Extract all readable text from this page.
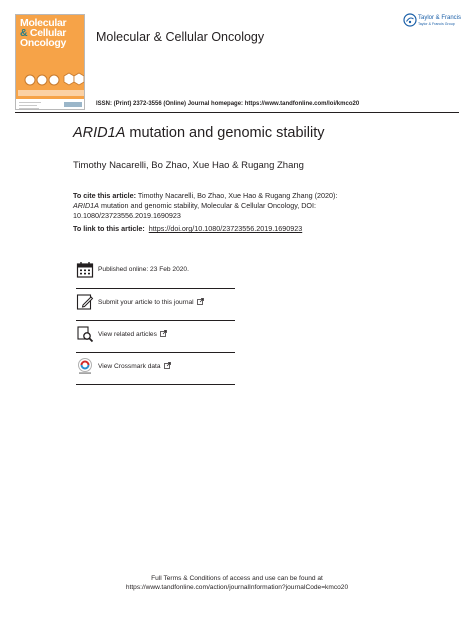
Molecular
& Cellular
Oncology	Molecular & Cellular Oncology
Taylor & Francis
Taylor & Francis Group
ISSN: (Print) 2372-3556 (Online) Journal homepage: https://www.tandfonline.com/loi/kmco20
ARID1A mutation and genomic stability
Timothy Nacarelli, Bo Zhao, Xue Hao & Rugang Zhang
To cite this article: Timothy Nacarelli, Bo Zhao, Xue Hao & Rugang Zhang (2020):
ARID1A mutation and genomic stability, Molecular & Cellular Oncology, DOI:
10.1080/23723556.2019.1690923
To link to this article: https://doi.org/10.1080/23723556.2019.1690923
Published online: 23 Feb 2020.
Submit your article to this journal
View related articles
View Crossmark data
Full Terms & Conditions of access and use can be found at
https://www.tandfonline.com/action/journalInformation?journalCode=kmco20
